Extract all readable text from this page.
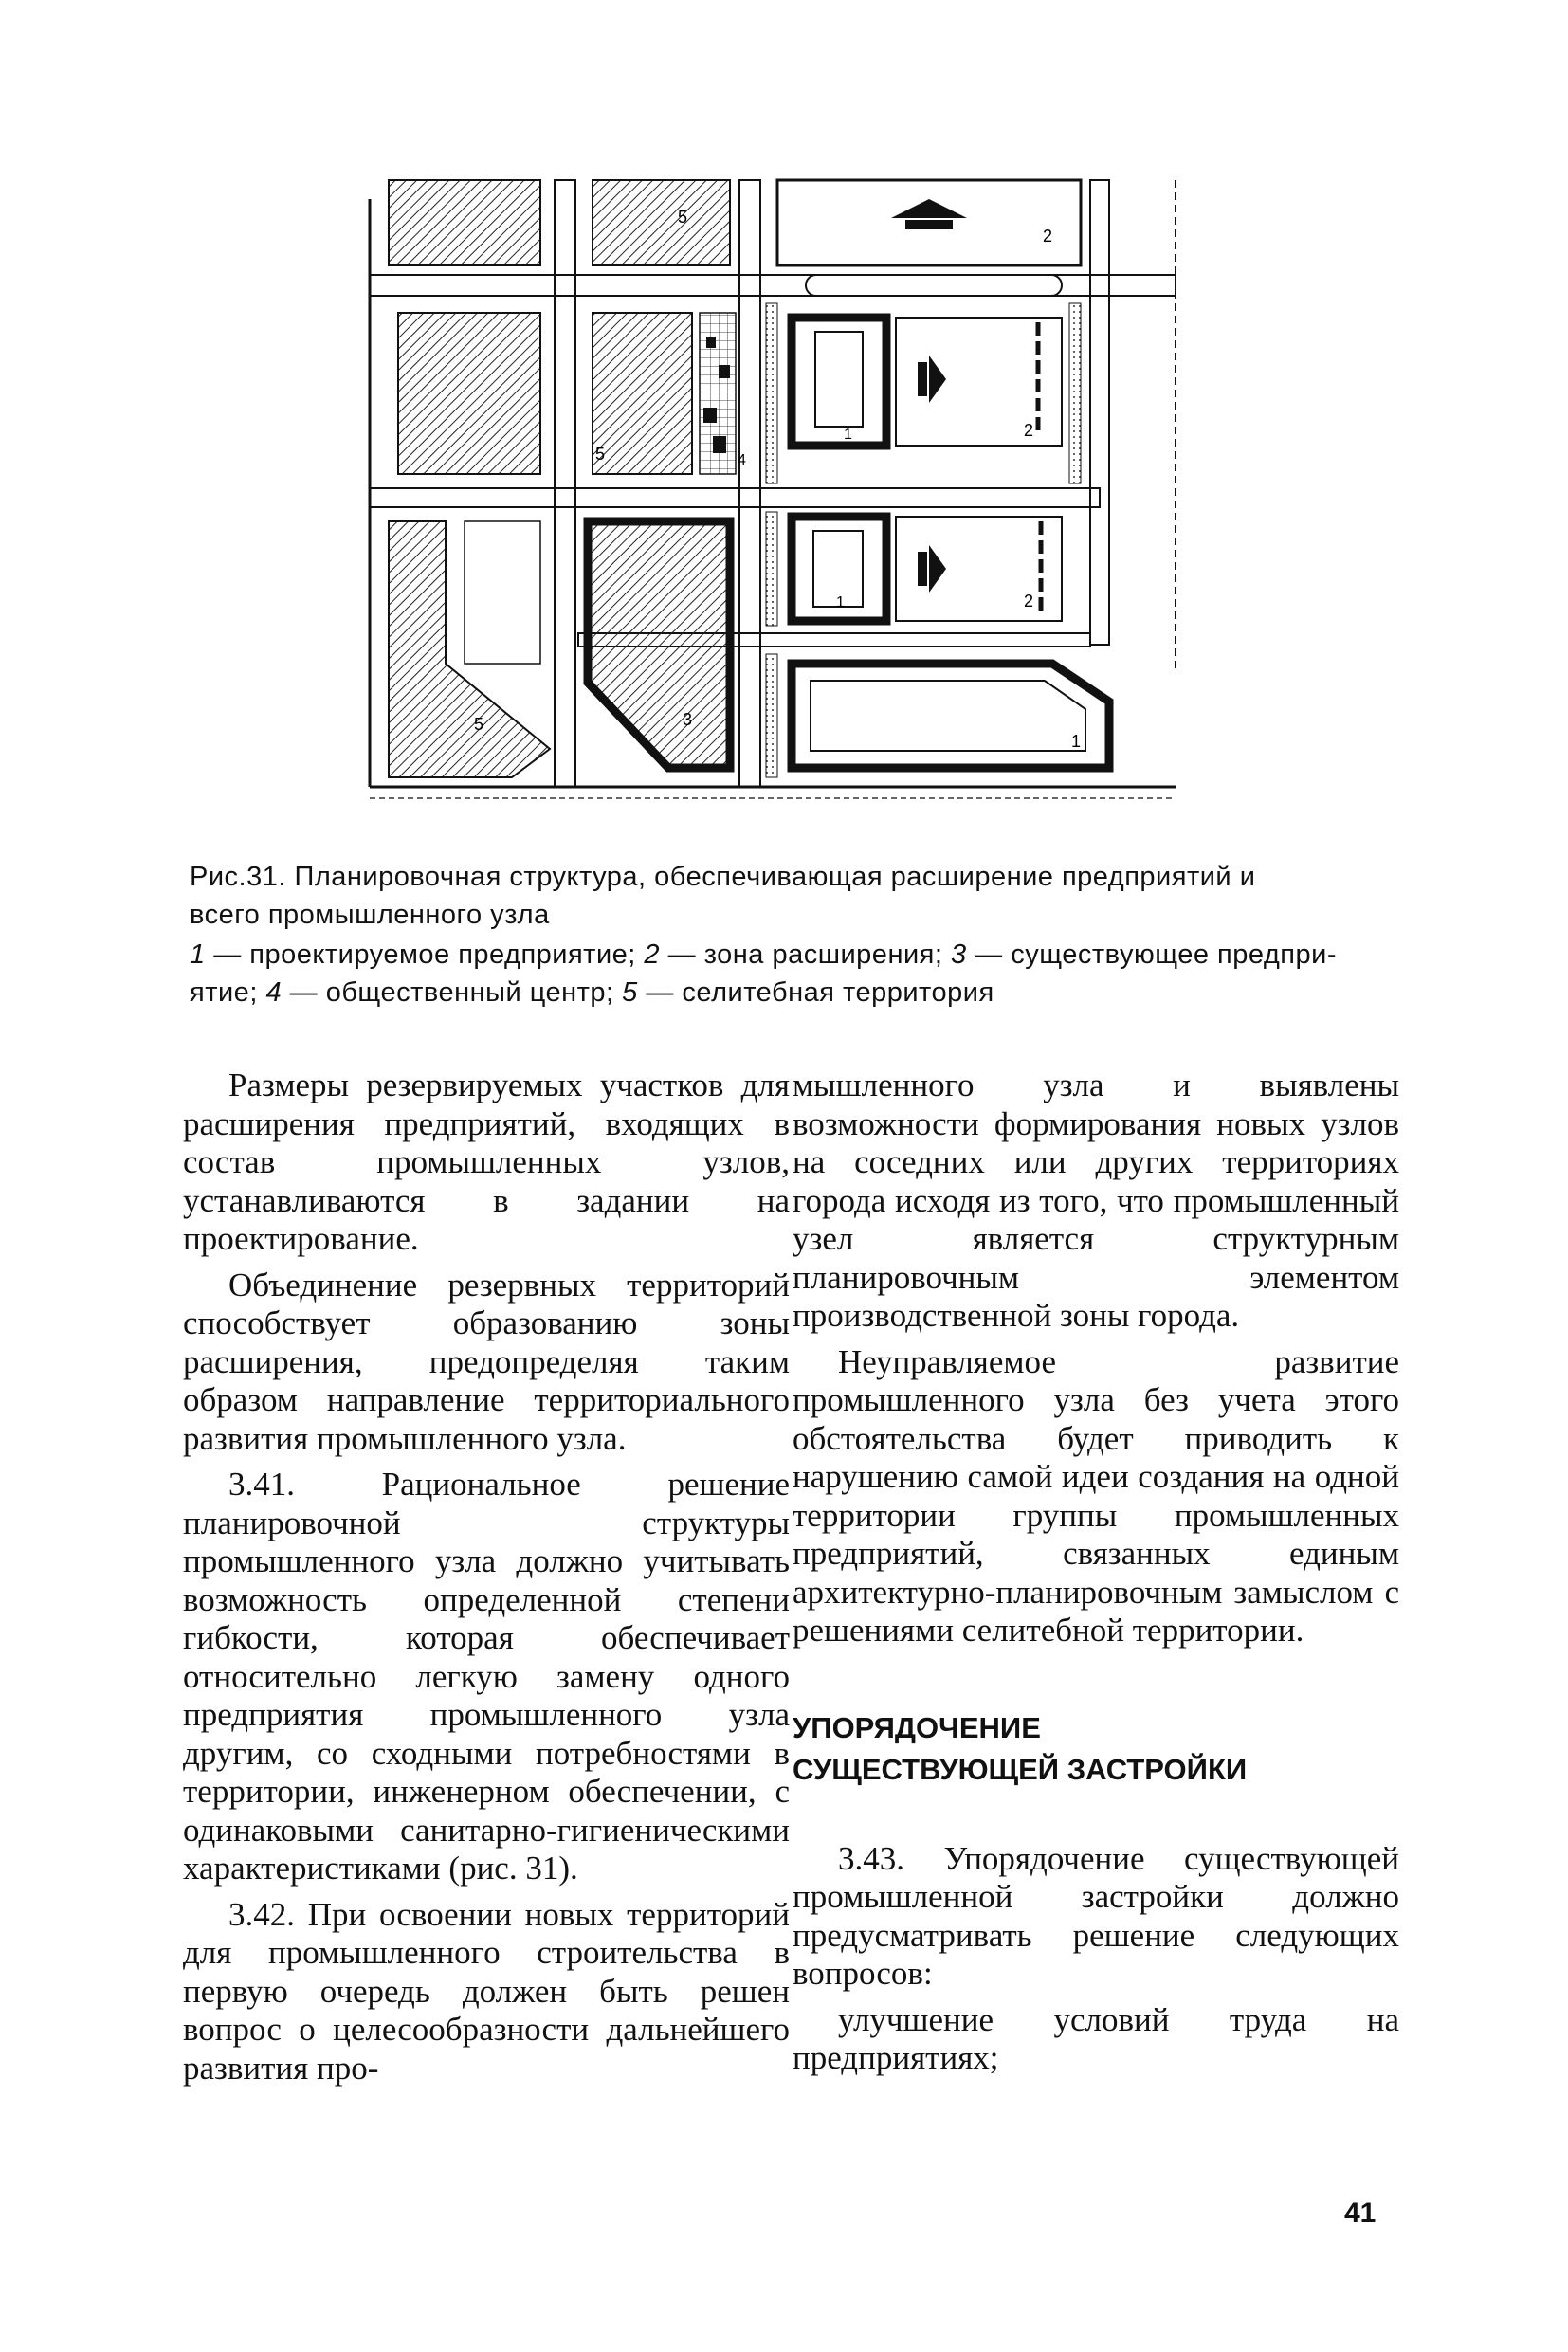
5
2
5	4
1	2
1	2
5	3
1

Рис.31. Планировочная структура, обеспечивающая расширение предприятий и

всего промышленного узла

1 — проектируемое предприятие; 2 — зона расширения; 3 — существующее предпри-

ятие; 4 — общественный центр; 5 — селитебная территория

Размеры резервируемых участков для расширения предприятий, входящих в состав промышленных узлов, устанавливаются в задании на проектирование.

Объединение резервных территорий способствует образованию зоны расширения, предопределяя таким образом направление территориального развития промышленного узла.

3.41. Рациональное решение планировочной структуры промышленного узла должно учитывать возможность определенной степени гибкости, которая обеспечивает относительно легкую замену одного предприятия промышленного узла другим, со сходными потребностями в территории, инженерном обеспечении, с одинаковыми санитарно-гигиеническими характеристиками (рис. 31).

3.42. При освоении новых территорий для промышленного строительства в первую очередь должен быть решен вопрос о целесообразности дальнейшего развития про-

мышленного узла и выявлены возможности формирования новых узлов на соседних или других территориях города исходя из того, что промышленный узел является структурным планировочным элементом производственной зоны города.

Неуправляемое развитие промышленного узла без учета этого обстоятельства будет приводить к нарушению самой идеи создания на одной территории группы промышленных предприятий, связанных единым архитектурно-планировочным замыслом с решениями селитебной территории.

УПОРЯДОЧЕНИЕ
СУЩЕСТВУЮЩЕЙ ЗАСТРОЙКИ

3.43. Упорядочение существующей промышленной застройки должно предусматривать решение следующих вопросов:

улучшение условий труда на предприятиях;

41
